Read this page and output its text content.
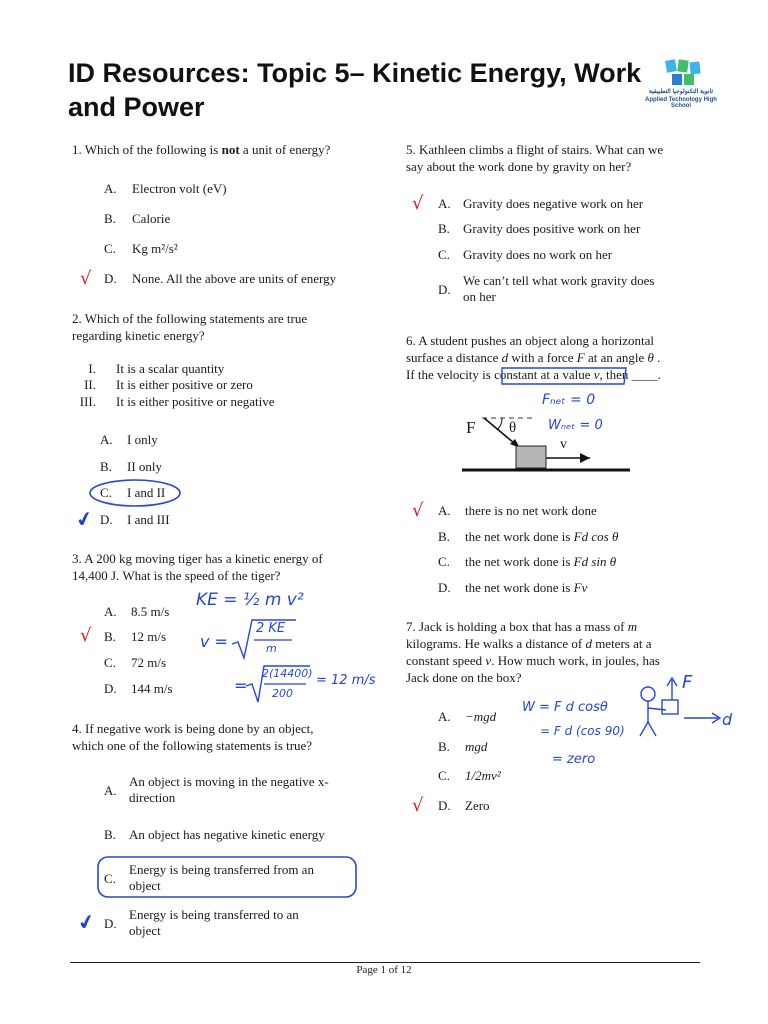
ID Resources: Topic 5– Kinetic Energy, Work and Power	ثانوية التكنولوجيا التطبيقية
Applied Technology High School
1. Which of the following is not a unit of energy?
A.	Electron volt (eV)
B.	Calorie
C.	Kg m²/s²
D.	None. All the above are units of energy
√
2. Which of the following statements are true
regarding kinetic energy?
I. It is a scalar quantity
II. It is either positive or zero
III. It is either positive or negative
A.	I only
B.	II only
C.	I and II
D.	I and III
✔
3. A 200 kg moving tiger has a kinetic energy of
14,400 J. What is the speed of the tiger?
A.	8.5 m/s
B.	12 m/s
C.	72 m/s
D.	144 m/s
√
KE = ½ m v²
v =
2 KE
m
=
2(14400)
200
= 12 m/s
4. If negative work is being done by an object,
which one of the following statements is true?
A.
An object is moving in the negative x-
direction
B.	An object has negative kinetic energy
C.
Energy is being transferred from an
object
D.
Energy is being transferred to an
object
✔
5. Kathleen climbs a flight of stairs. What can we
say about the work done by gravity on her?
A. Gravity does negative work on her
B.	Gravity does positive work on her
C.	Gravity does no work on her
D.
We can’t tell what work gravity does
on her
√
6. A student pushes an object along a horizontal
surface a distance d with a force F at an angle θ .
If the velocity is constant at a value v, then ____.
F θ
v
Fₙₑₜ = 0
Wₙₑₜ = 0
A.	there is no net work done
B.	the net work done is Fd cos θ
C.	the net work done is Fd sin θ
D.	the net work done is Fv
√
7. Jack is holding a box that has a mass of m
kilograms. He walks a distance of d meters at a
constant speed v. How much work, in joules, has
Jack done on the box?
A.	−mgd
B.	mgd
C.	1/2mv²
D.	Zero
√
W = F d cosθ
= F d (cos 90)
= zero
F
d
Page 1 of 12
